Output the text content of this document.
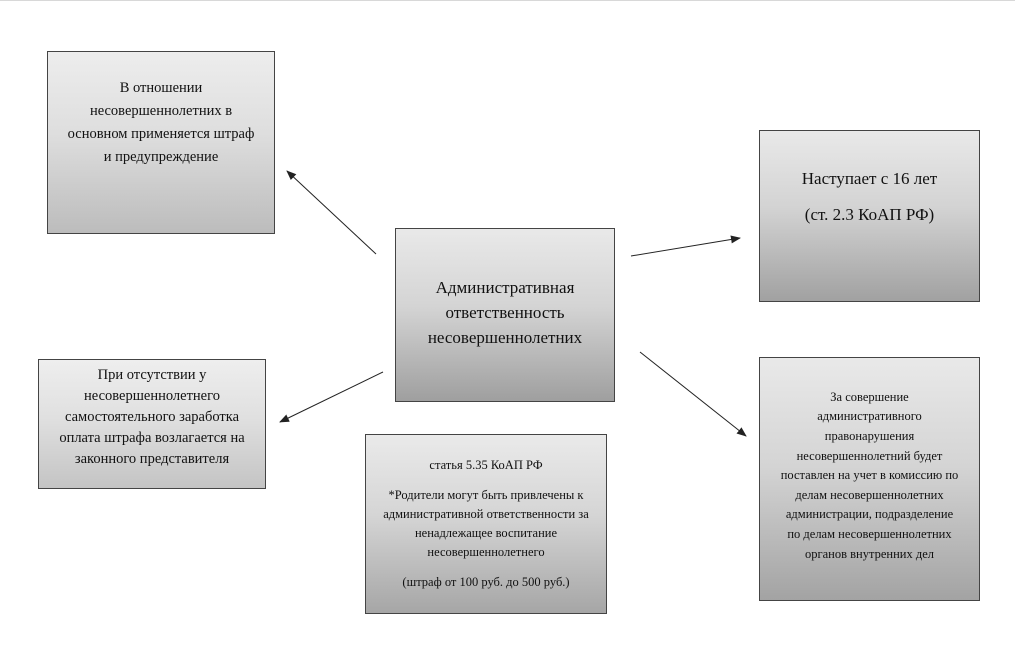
В отношении

несовершеннолетних в

основном применяется штраф

и предупреждение

Наступает с 16 лет

(ст. 2.3 КоАП РФ)

Административная

ответственность

несовершеннолетних

При отсутствии у

несовершеннолетнего

самостоятельного заработка

оплата штрафа возлагается на

законного представителя	статья 5.35 КоАП РФ

*Родители могут быть привлечены к

административной ответственности за

ненадлежащее воспитание

несовершеннолетнего

(штраф от 100 руб. до 500 руб.)

За совершение

административного

правонарушения

несовершеннолетний будет

поставлен на учет в комиссию по

делам несовершеннолетних

администрации, подразделение

по делам несовершеннолетних

органов внутренних дел
